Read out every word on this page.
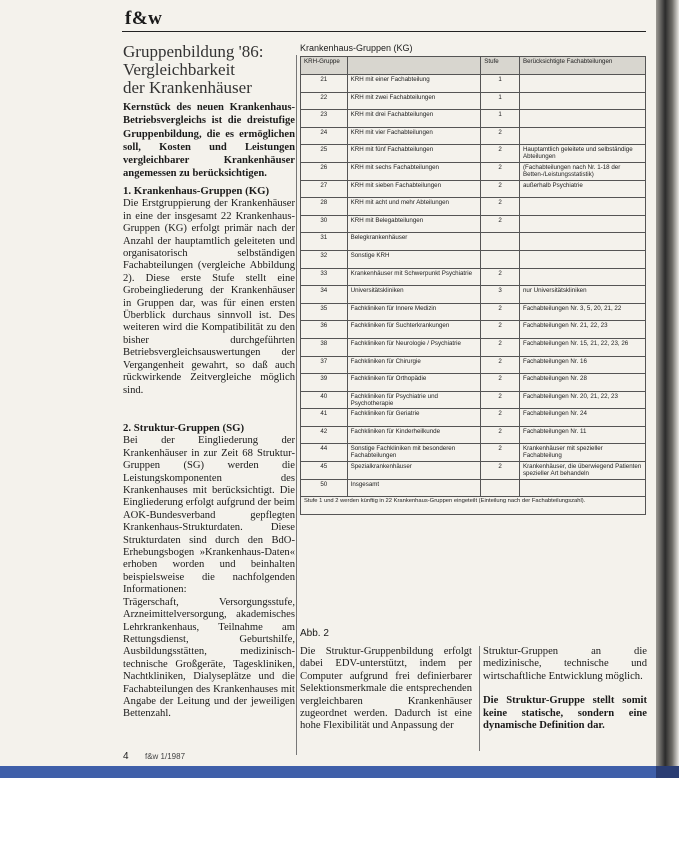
f&w
Gruppenbildung '86:
Vergleichbarkeit
der Krankenhäuser
Kernstück des neuen Krankenhaus-Betriebsvergleichs ist die dreistufige Gruppenbildung, die es ermöglichen soll, Kosten und Leistungen vergleichbarer Krankenhäuser angemessen zu berücksichtigen.
1. Krankenhaus-Gruppen (KG)

Die Erstgruppierung der Krankenhäuser in eine der insgesamt 22 Krankenhaus-Gruppen (KG) erfolgt primär nach der Anzahl der hauptamtlich geleiteten und organisatorisch selbständigen Fachabteilungen (vergleiche Abbildung 2). Diese erste Stufe stellt eine Grobeingliederung der Krankenhäuser in Gruppen dar, was für einen ersten Überblick durchaus sinnvoll ist. Des weiteren wird die Kompatibilität zu den bisher durchgeführten Betriebsvergleichsauswertungen der Vergangenheit gewahrt, so daß auch rückwirkende Zeitvergleiche möglich sind.

2. Struktur-Gruppen (SG)

Bei der Eingliederung der Krankenhäuser in zur Zeit 68 Struktur-Gruppen (SG) werden die Leistungskomponenten des Krankenhauses mit berücksichtigt. Die Eingliederung erfolgt aufgrund der beim AOK-Bundesverband gepflegten Krankenhaus-Strukturdaten. Diese Strukturdaten sind durch den BdO-Erhebungsbogen »Krankenhaus-Daten« erhoben worden und beinhalten beispielsweise die nachfolgenden Informationen:

Trägerschaft, Versorgungsstufe, Arzneimittelversorgung, akademisches Lehrkrankenhaus, Teilnahme am Rettungsdienst, Geburtshilfe, Ausbildungsstätten, medizinisch-technische Großgeräte, Tageskliniken, Nachtkliniken, Dialyseplätze und die Fachabteilungen des Krankenhauses mit Angabe der Leitung und der jeweiligen Bettenzahl.

4 f&w 1/1987
Krankenhaus-Gruppen (KG)
KRH-Gruppe		Stufe	Berücksichtigte Fachabteilungen
21	KRH mit einer Fachabteilung	1	
22	KRH mit zwei Fachabteilungen	1	
23	KRH mit drei Fachabteilungen	1	
24	KRH mit vier Fachabteilungen	2	
25	KRH mit fünf Fachabteilungen	2	Hauptamtlich geleitete und selbständige Abteilungen
26	KRH mit sechs Fachabteilungen	2	(Fachabteilungen nach Nr. 1-18 der Betten-/Leistungsstatistik)
27	KRH mit sieben Fachabteilungen	2	außerhalb Psychiatrie
28	KRH mit acht und mehr Abteilungen	2	
30	KRH mit Belegabteilungen	2	
31	Belegkrankenhäuser		
32	Sonstige KRH		
33	Krankenhäuser mit Schwerpunkt Psychiatrie	2	
34	Universitätskliniken	3	nur Universitätskliniken
35	Fachkliniken für Innere Medizin	2	Fachabteilungen Nr. 3, 5, 20, 21, 22
36	Fachkliniken für Suchterkrankungen	2	Fachabteilungen Nr. 21, 22, 23
38	Fachkliniken für Neurologie / Psychiatrie	2	Fachabteilungen Nr. 15, 21, 22, 23, 26
37	Fachkliniken für Chirurgie	2	Fachabteilungen Nr. 16
39	Fachkliniken für Orthopädie	2	Fachabteilungen Nr. 28
40	Fachkliniken für Psychiatrie und Psychotherapie	2	Fachabteilungen Nr. 20, 21, 22, 23
41	Fachkliniken für Geriatrie	2	Fachabteilungen Nr. 24
42	Fachkliniken für Kinderheilkunde	2	Fachabteilungen Nr. 11
44	Sonstige Fachkliniken mit besonderen Fachabteilungen	2	Krankenhäuser mit spezieller Fachabteilung
45	Spezialkrankenhäuser	2	Krankenhäuser, die überwiegend Patienten spezieller Art behandeln
50	Insgesamt		
Stufe 1 und 2 werden künftig in 22 Krankenhaus-Gruppen eingeteilt (Einteilung nach der Fachabteilungszahl).			
Abb. 2
Die Struktur-Gruppenbildung erfolgt dabei EDV-unterstützt, indem per Computer aufgrund frei definierbarer Selektionsmerkmale die entsprechenden vergleichbaren Krankenhäuser zugeordnet werden. Dadurch ist eine hohe Flexibilität und Anpassung der
Struktur-Gruppen an die medizinische, technische und wirtschaftliche Entwicklung möglich.
Die Struktur-Gruppe stellt somit keine statische, sondern eine dynamische Definition dar.
